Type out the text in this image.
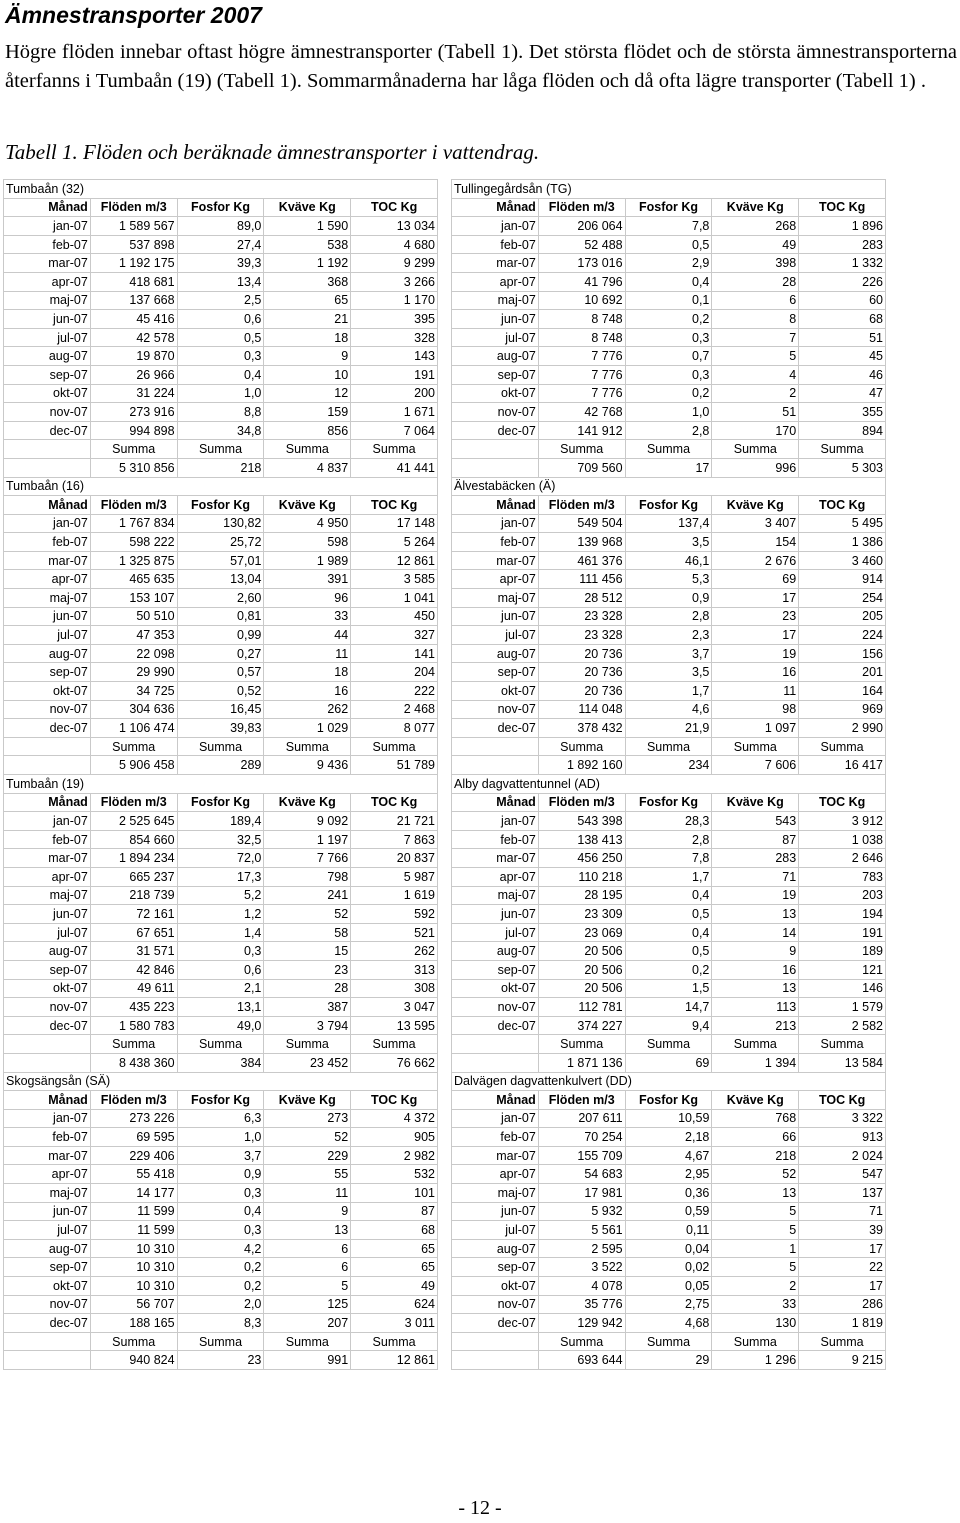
Ämnestransporter 2007

Högre flöden innebar oftast högre ämnestransporter (Tabell 1). Det största flödet och de största ämnestransporterna återfanns i Tumbaån (19) (Tabell 1). Sommarmånaderna har låga flöden och då ofta lägre transporter (Tabell 1) .

Tabell 1. Flöden och beräknade ämnestransporter i vattendrag.
Tumbaån (32)				
Månad	Flöden m/3	Fosfor Kg	Kväve Kg	TOC Kg
jan-07	1 589 567	89,0	1 590	13 034
feb-07	537 898	27,4	538	4 680
mar-07	1 192 175	39,3	1 192	9 299
apr-07	418 681	13,4	368	3 266
maj-07	137 668	2,5	65	1 170
jun-07	45 416	0,6	21	395
jul-07	42 578	0,5	18	328
aug-07	19 870	0,3	9	143
sep-07	26 966	0,4	10	191
okt-07	31 224	1,0	12	200
nov-07	273 916	8,8	159	1 671
dec-07	994 898	34,8	856	7 064
	Summa	Summa	Summa	Summa
	5 310 856	218	4 837	41 441
Tumbaån (16)				
Månad	Flöden m/3	Fosfor Kg	Kväve Kg	TOC Kg
jan-07	1 767 834	130,82	4 950	17 148
feb-07	598 222	25,72	598	5 264
mar-07	1 325 875	57,01	1 989	12 861
apr-07	465 635	13,04	391	3 585
maj-07	153 107	2,60	96	1 041
jun-07	50 510	0,81	33	450
jul-07	47 353	0,99	44	327
aug-07	22 098	0,27	11	141
sep-07	29 990	0,57	18	204
okt-07	34 725	0,52	16	222
nov-07	304 636	16,45	262	2 468
dec-07	1 106 474	39,83	1 029	8 077
	Summa	Summa	Summa	Summa
	5 906 458	289	9 436	51 789
Tumbaån (19)				
Månad	Flöden m/3	Fosfor Kg	Kväve Kg	TOC Kg
jan-07	2 525 645	189,4	9 092	21 721
feb-07	854 660	32,5	1 197	7 863
mar-07	1 894 234	72,0	7 766	20 837
apr-07	665 237	17,3	798	5 987
maj-07	218 739	5,2	241	1 619
jun-07	72 161	1,2	52	592
jul-07	67 651	1,4	58	521
aug-07	31 571	0,3	15	262
sep-07	42 846	0,6	23	313
okt-07	49 611	2,1	28	308
nov-07	435 223	13,1	387	3 047
dec-07	1 580 783	49,0	3 794	13 595
	Summa	Summa	Summa	Summa
	8 438 360	384	23 452	76 662
Skogsängsån (SÄ)				
Månad	Flöden m/3	Fosfor Kg	Kväve Kg	TOC Kg
jan-07	273 226	6,3	273	4 372
feb-07	69 595	1,0	52	905
mar-07	229 406	3,7	229	2 982
apr-07	55 418	0,9	55	532
maj-07	14 177	0,3	11	101
jun-07	11 599	0,4	9	87
jul-07	11 599	0,3	13	68
aug-07	10 310	4,2	6	65
sep-07	10 310	0,2	6	65
okt-07	10 310	0,2	5	49
nov-07	56 707	2,0	125	624
dec-07	188 165	8,3	207	3 011
	Summa	Summa	Summa	Summa
	940 824	23	991	12 861
Tullingegårdsån (TG)				
Månad	Flöden m/3	Fosfor Kg	Kväve Kg	TOC Kg
jan-07	206 064	7,8	268	1 896
feb-07	52 488	0,5	49	283
mar-07	173 016	2,9	398	1 332
apr-07	41 796	0,4	28	226
maj-07	10 692	0,1	6	60
jun-07	8 748	0,2	8	68
jul-07	8 748	0,3	7	51
aug-07	7 776	0,7	5	45
sep-07	7 776	0,3	4	46
okt-07	7 776	0,2	2	47
nov-07	42 768	1,0	51	355
dec-07	141 912	2,8	170	894
	Summa	Summa	Summa	Summa
	709 560	17	996	5 303
Älvestabäcken (Ä)				
Månad	Flöden m/3	Fosfor Kg	Kväve Kg	TOC Kg
jan-07	549 504	137,4	3 407	5 495
feb-07	139 968	3,5	154	1 386
mar-07	461 376	46,1	2 676	3 460
apr-07	111 456	5,3	69	914
maj-07	28 512	0,9	17	254
jun-07	23 328	2,8	23	205
jul-07	23 328	2,3	17	224
aug-07	20 736	3,7	19	156
sep-07	20 736	3,5	16	201
okt-07	20 736	1,7	11	164
nov-07	114 048	4,6	98	969
dec-07	378 432	21,9	1 097	2 990
	Summa	Summa	Summa	Summa
	1 892 160	234	7 606	16 417
Alby dagvattentunnel (AD)				
Månad	Flöden m/3	Fosfor Kg	Kväve Kg	TOC Kg
jan-07	543 398	28,3	543	3 912
feb-07	138 413	2,8	87	1 038
mar-07	456 250	7,8	283	2 646
apr-07	110 218	1,7	71	783
maj-07	28 195	0,4	19	203
jun-07	23 309	0,5	13	194
jul-07	23 069	0,4	14	191
aug-07	20 506	0,5	9	189
sep-07	20 506	0,2	16	121
okt-07	20 506	1,5	13	146
nov-07	112 781	14,7	113	1 579
dec-07	374 227	9,4	213	2 582
	Summa	Summa	Summa	Summa
	1 871 136	69	1 394	13 584
Dalvägen dagvattenkulvert (DD)				
Månad	Flöden m/3	Fosfor Kg	Kväve Kg	TOC Kg
jan-07	207 611	10,59	768	3 322
feb-07	70 254	2,18	66	913
mar-07	155 709	4,67	218	2 024
apr-07	54 683	2,95	52	547
maj-07	17 981	0,36	13	137
jun-07	5 932	0,59	5	71
jul-07	5 561	0,11	5	39
aug-07	2 595	0,04	1	17
sep-07	3 522	0,02	5	22
okt-07	4 078	0,05	2	17
nov-07	35 776	2,75	33	286
dec-07	129 942	4,68	130	1 819
	Summa	Summa	Summa	Summa
	693 644	29	1 296	9 215
- 12 -
